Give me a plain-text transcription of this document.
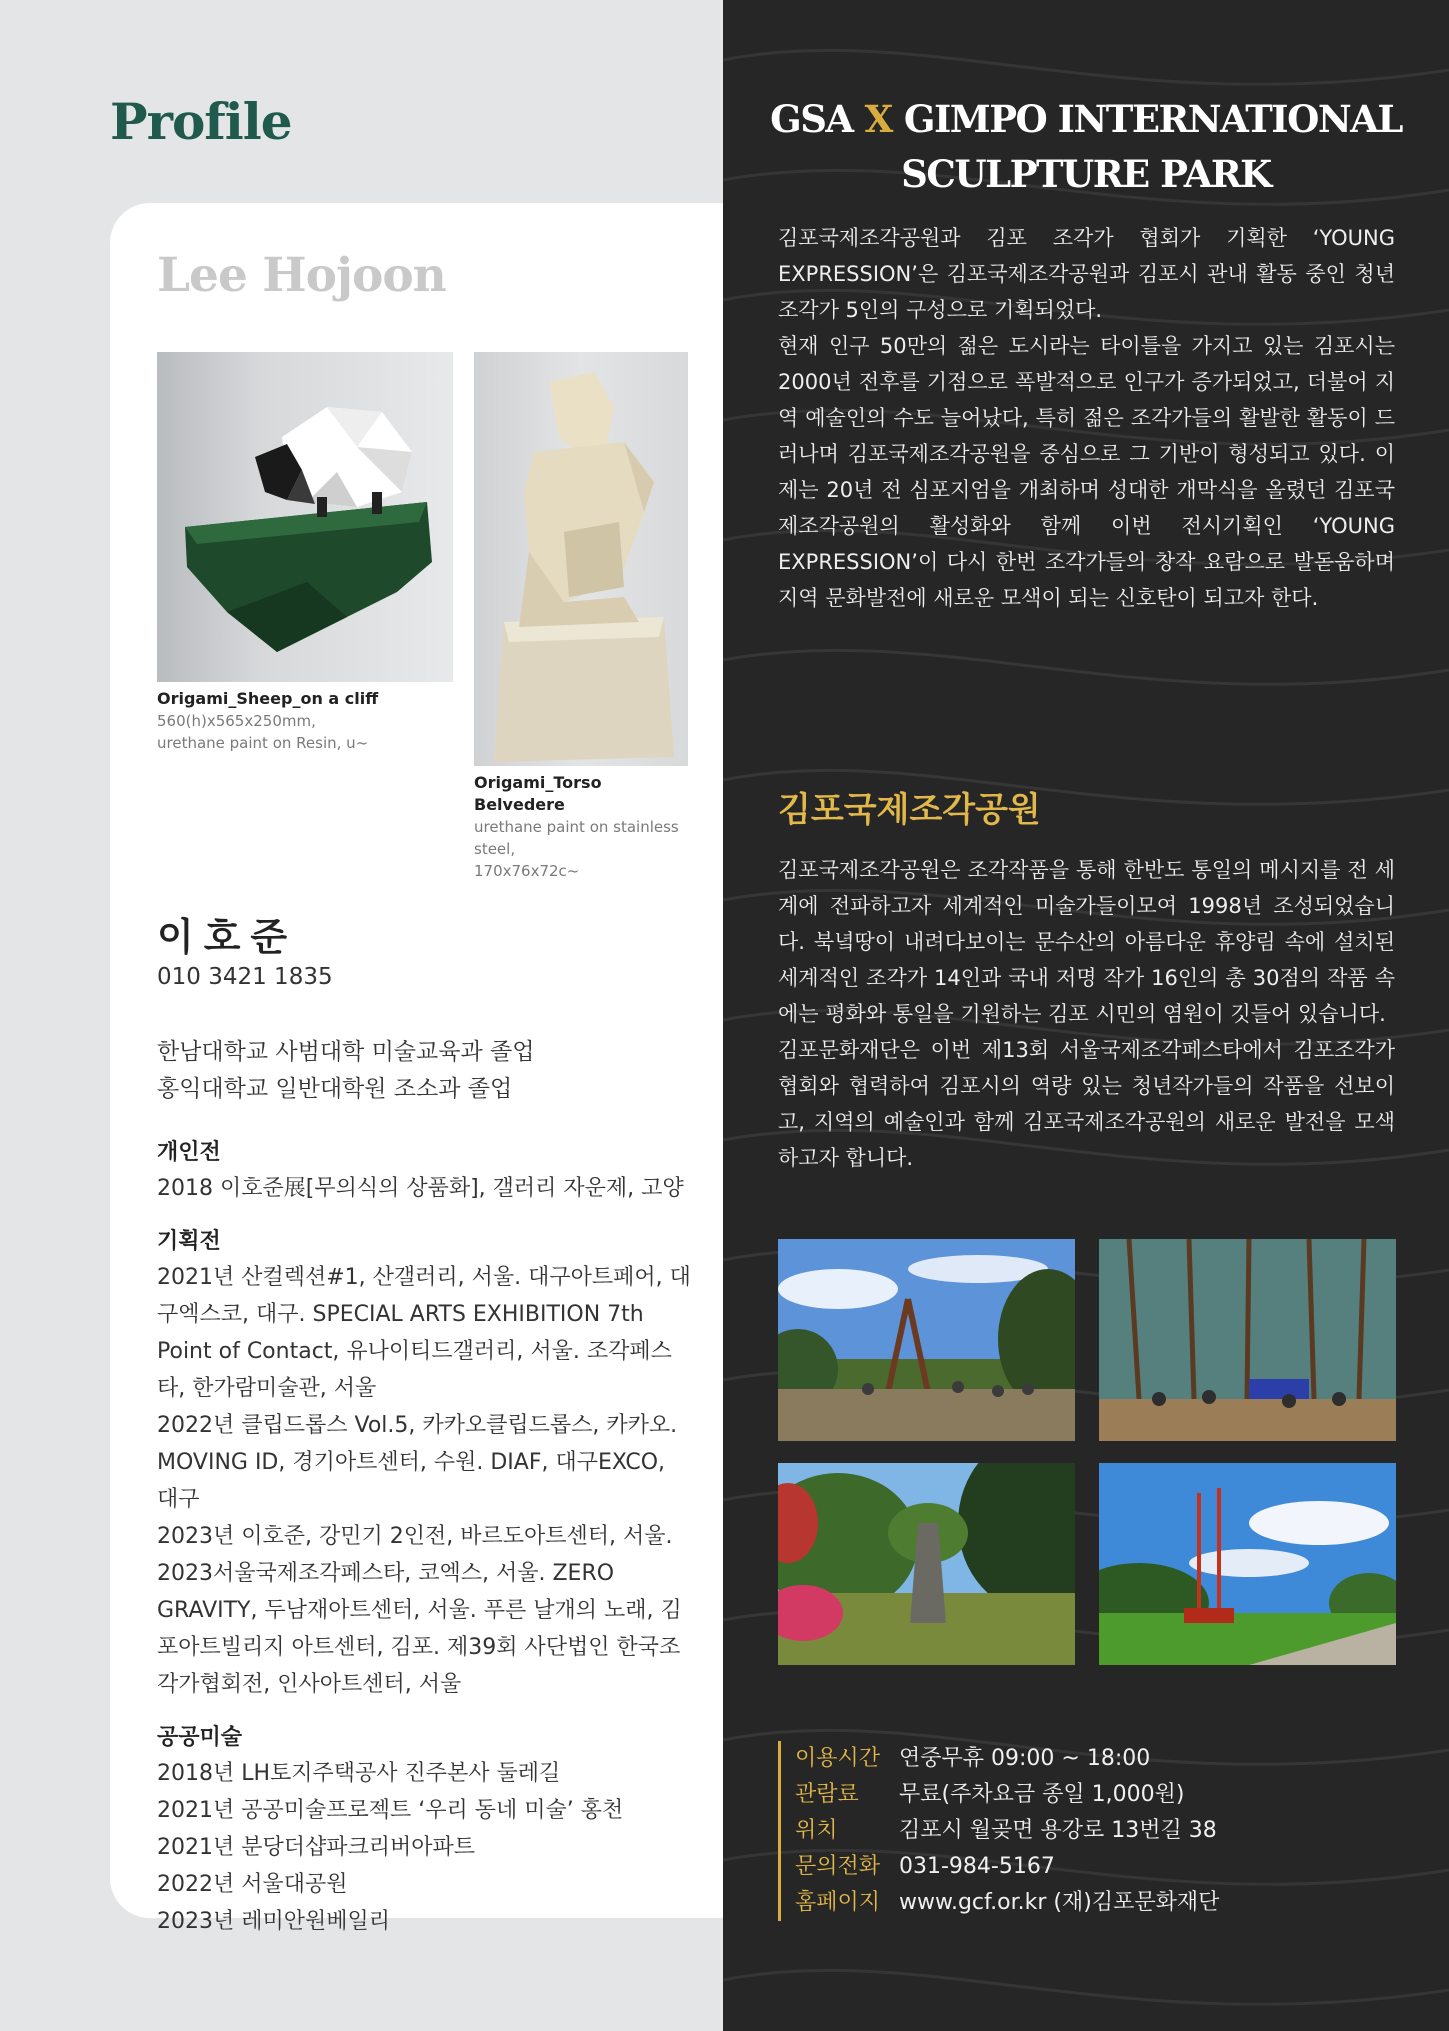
Profile
Lee Hojoon
Origami_Sheep_on a cliff
560(h)x565x250mm,
urethane paint on Resin, u~
Origami_Torso Belvedere
urethane paint on stainless
steel,
170x76x72c~
이호준
010 3421 1835
한남대학교 사범대학 미술교육과 졸업
홍익대학교 일반대학원 조소과 졸업
개인전
2018 이호준展[무의식의 상품화], 갤러리 자운제, 고양
기획전
2021년 산컬렉션#1, 산갤러리, 서울. 대구아트페어, 대구엑스코, 대구. SPECIAL ARTS EXHIBITION 7th Point of Contact, 유나이티드갤러리, 서울. 조각페스타, 한가람미술관, 서울
2022년 클립드롭스 Vol.5, 카카오클립드롭스, 카카오. MOVING ID, 경기아트센터, 수원. DIAF, 대구EXCO, 대구
2023년 이호준, 강민기 2인전, 바르도아트센터, 서울. 2023서울국제조각페스타, 코엑스, 서울. ZERO GRAVITY, 두남재아트센터, 서울. 푸른 날개의 노래, 김포아트빌리지 아트센터, 김포. 제39회 사단법인 한국조각가협회전, 인사아트센터, 서울
공공미술
2018년 LH토지주택공사 진주본사 둘레길
2021년 공공미술프로젝트 ‘우리 동네 미술’ 홍천
2021년 분당더샵파크리버아파트
2022년 서울대공원
2023년 레미안원베일리
GSA X GIMPO INTERNATIONAL
SCULPTURE PARK
김포국제조각공원과 김포 조각가 협회가 기획한 ‘YOUNG EXPRESSION’은 김포국제조각공원과 김포시 관내 활동 중인 청년조각가 5인의 구성으로 기획되었다.
현재 인구 50만의 젊은 도시라는 타이틀을 가지고 있는 김포시는 2000년 전후를 기점으로 폭발적으로 인구가 증가되었고, 더불어 지역 예술인의 수도 늘어났다, 특히 젊은 조각가들의 활발한 활동이 드러나며 김포국제조각공원을 중심으로 그 기반이 형성되고 있다. 이제는 20년 전 심포지엄을 개최하며 성대한 개막식을 올렸던 김포국제조각공원의 활성화와 함께 이번 전시기획인 ‘YOUNG EXPRESSION’이 다시 한번 조각가들의 창작 요람으로 발돋움하며 지역 문화발전에 새로운 모색이 되는 신호탄이 되고자 한다.
김포국제조각공원
김포국제조각공원은 조각작품을 통해 한반도 통일의 메시지를 전 세계에 전파하고자 세계적인 미술가들이모여 1998년 조성되었습니다. 북녘땅이 내려다보이는 문수산의 아름다운 휴양림 속에 설치된 세계적인 조각가 14인과 국내 저명 작가 16인의 총 30점의 작품 속에는 평화와 통일을 기원하는 김포 시민의 염원이 깃들어 있습니다.
김포문화재단은 이번 제13회 서울국제조각페스타에서 김포조각가협회와 협력하여 김포시의 역량 있는 청년작가들의 작품을 선보이고, 지역의 예술인과 함께 김포국제조각공원의 새로운 발전을 모색하고자 합니다.
이용시간 연중무휴 09:00 ~ 18:00
관람료 무료(주차요금 종일 1,000원)
위치	김포시 월곶면 용강로 13번길 38
문의전화 031-984-5167
홈페이지 www.gcf.or.kr (재)김포문화재단
